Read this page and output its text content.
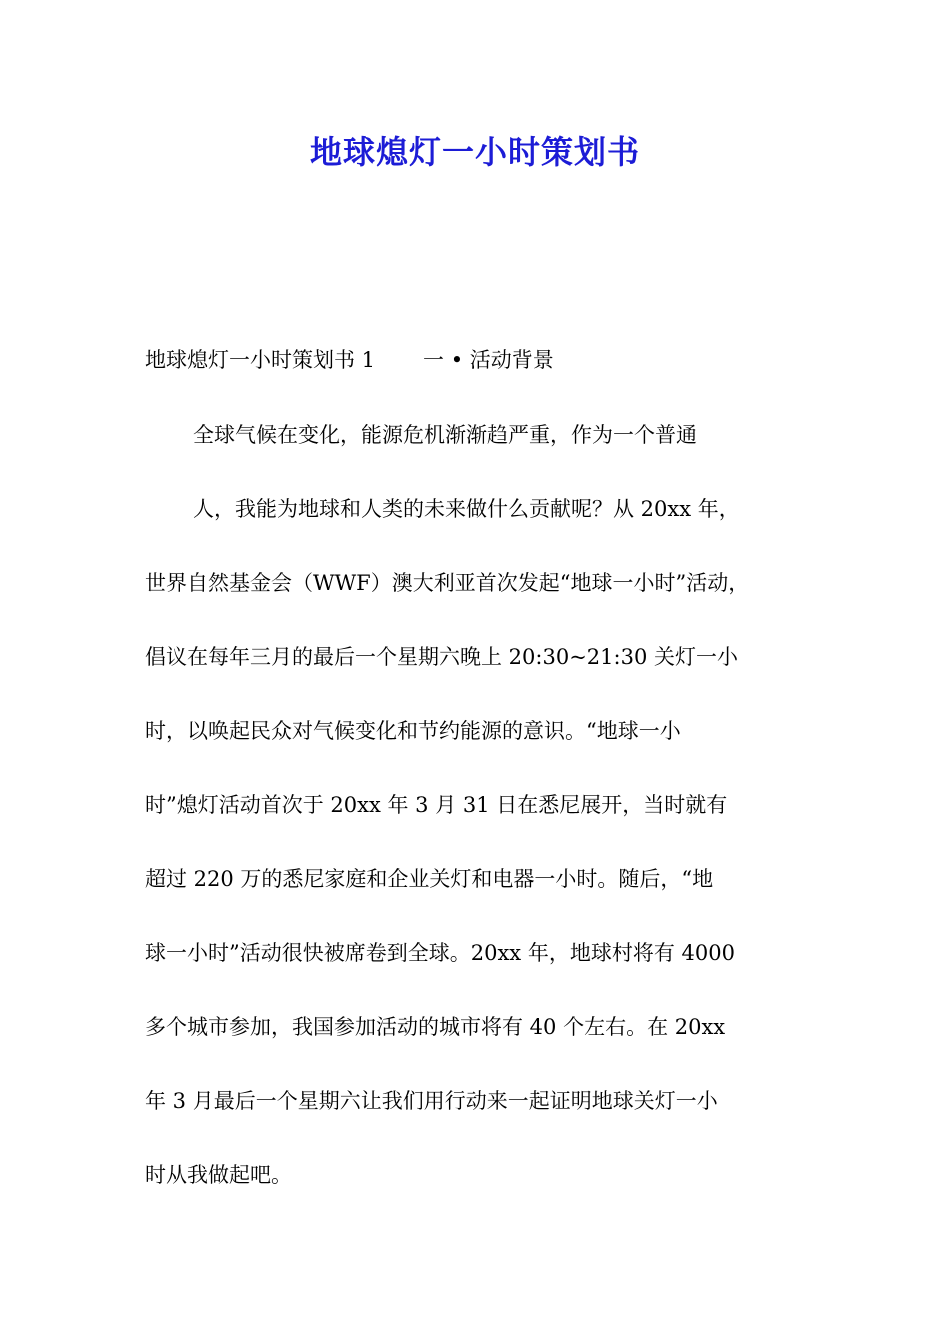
地球熄灯一小时策划书
地球熄灯一小时策划书 1 一 • 活动背景
全球气候在变化，能源危机渐渐趋严重，作为一个普通
人，我能为地球和人类的未来做什么贡献呢？从 20xx 年，
世界自然基金会（WWF）澳大利亚首次发起“地球一小时”活动，
倡议在每年三月的最后一个星期六晚上 20:30~21:30 关灯一小
时，以唤起民众对气候变化和节约能源的意识。“地球一小
时”熄灯活动首次于 20xx 年 3 月 31 日在悉尼展开，当时就有
超过 220 万的悉尼家庭和企业关灯和电器一小时。随后，“地
球一小时”活动很快被席卷到全球。20xx 年，地球村将有 4000
多个城市参加，我国参加活动的城市将有 40 个左右。在 20xx
年 3 月最后一个星期六让我们用行动来一起证明地球关灯一小
时从我做起吧。
